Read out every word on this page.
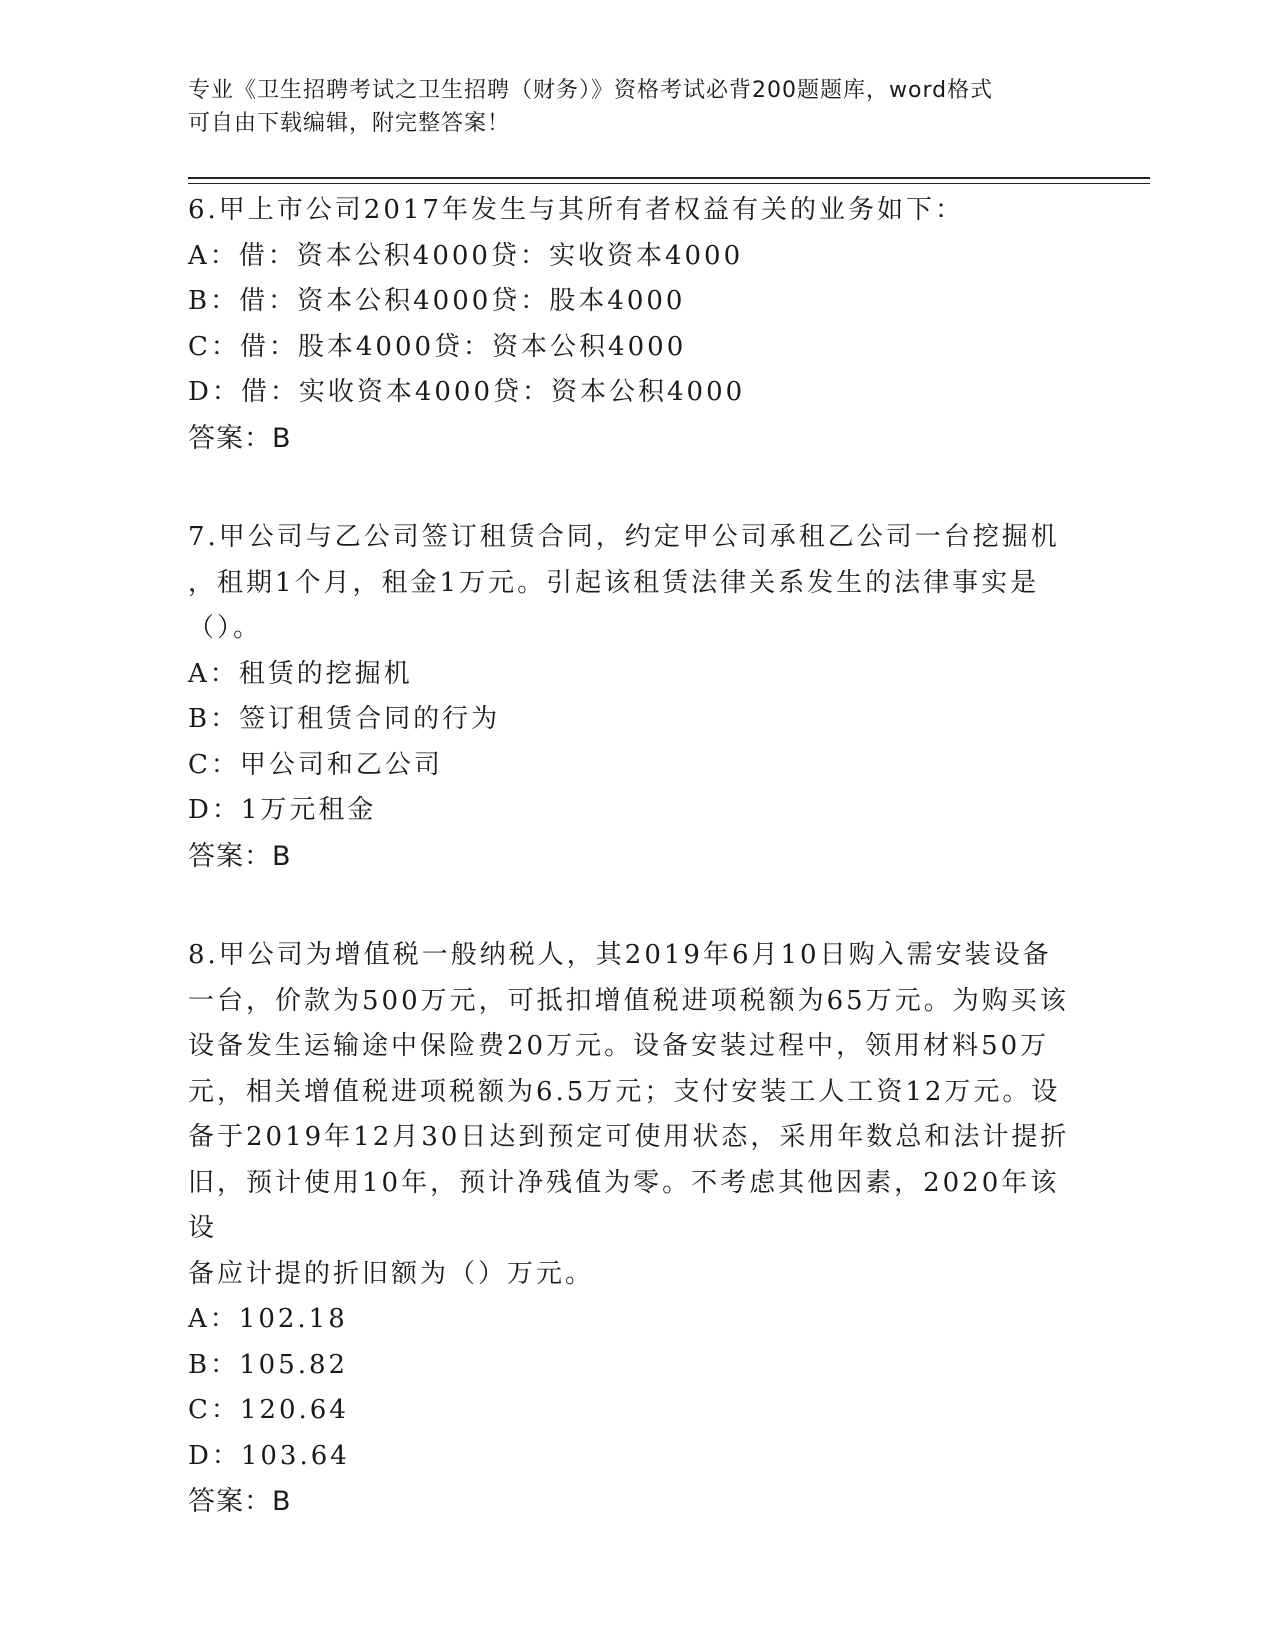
专业《卫生招聘考试之卫生招聘（财务）》资格考试必背200题题库，word格式
可自由下载编辑，附完整答案！
6.甲上市公司2017年发生与其所有者权益有关的业务如下：
A：借：资本公积4000贷：实收资本4000
B：借：资本公积4000贷：股本4000
C：借：股本4000贷：资本公积4000
D：借：实收资本4000贷：资本公积4000
答案：B
7.甲公司与乙公司签订租赁合同，约定甲公司承租乙公司一台挖掘机
，租期1个月，租金1万元。引起该租赁法律关系发生的法律事实是
（）。
A：租赁的挖掘机
B：签订租赁合同的行为
C：甲公司和乙公司
D：1万元租金
答案：B
8.甲公司为增值税一般纳税人，其2019年6月10日购入需安装设备
一台，价款为500万元，可抵扣增值税进项税额为65万元。为购买该
设备发生运输途中保险费20万元。设备安装过程中，领用材料50万
元，相关增值税进项税额为6.5万元；支付安装工人工资12万元。设
备于2019年12月30日达到预定可使用状态，采用年数总和法计提折
旧，预计使用10年，预计净残值为零。不考虑其他因素，2020年该设
备应计提的折旧额为（）万元。
A：102.18
B：105.82
C：120.64
D：103.64
答案：B
